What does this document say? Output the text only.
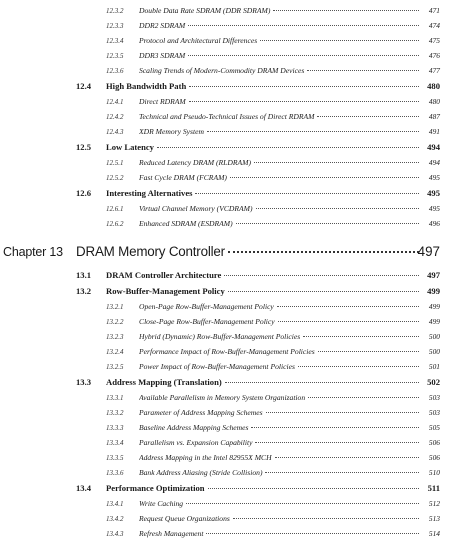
12.3.2 Double Data Rate SDRAM (DDR SDRAM)	471
12.3.3 DDR2 SDRAM	474
12.3.4 Protocol and Architectural Differences	475
12.3.5 DDR3 SDRAM	476
12.3.6 Scaling Trends of Modern-Commodity DRAM Devices	477
12.4 High Bandwidth Path	480
12.4.1 Direct RDRAM	480
12.4.2 Technical and Pseudo-Technical Issues of Direct RDRAM	487
12.4.3 XDR Memory System	491
12.5 Low Latency	494
12.5.1 Reduced Latency DRAM (RLDRAM)	494
12.5.2 Fast Cycle DRAM (FCRAM)	495
12.6 Interesting Alternatives	495
12.6.1 Virtual Channel Memory (VCDRAM)	495
12.6.2 Enhanced SDRAM (ESDRAM)	496
Chapter 13 DRAM Memory Controller	497
13.1 DRAM Controller Architecture	497
13.2 Row-Buffer-Management Policy	499
13.2.1 Open-Page Row-Buffer-Management Policy	499
13.2.2 Close-Page Row-Buffer-Management Policy	499
13.2.3 Hybrid (Dynamic) Row-Buffer-Management Policies	500
13.2.4 Performance Impact of Row-Buffer-Management Policies	500
13.2.5 Power Impact of Row-Buffer-Management Policies	501
13.3 Address Mapping (Translation)	502
13.3.1 Available Parallelism in Memory System Organization	503
13.3.2 Parameter of Address Mapping Schemes	503
13.3.3 Baseline Address Mapping Schemes	505
13.3.4 Parallelism vs. Expansion Capability	506
13.3.5 Address Mapping in the Intel 82955X MCH	506
13.3.6 Bank Address Aliasing (Stride Collision)	510
13.4 Performance Optimization	511
13.4.1 Write Caching	512
13.4.2 Request Queue Organizations	513
13.4.3 Refresh Management	514
